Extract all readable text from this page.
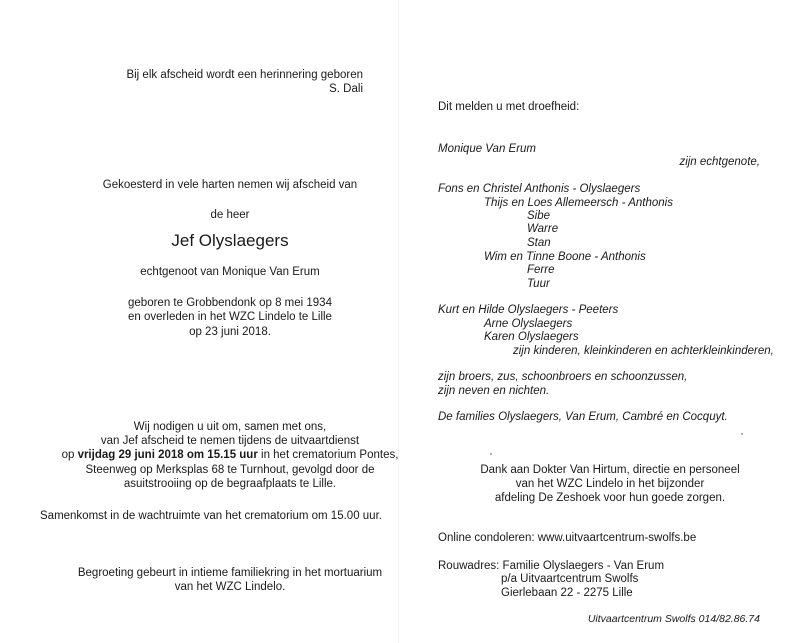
Bij elk afscheid wordt een herinnering geboren
S. Dali
Gekoesterd in vele harten nemen wij afscheid van
de heer
Jef Olyslaegers
echtgenoot van Monique Van Erum
geboren te Grobbendonk op 8 mei 1934
en overleden in het WZC Lindelo te Lille
op 23 juni 2018.
Wij nodigen u uit om, samen met ons,
van Jef afscheid te nemen tijdens de uitvaartdienst
op vrijdag 29 juni 2018 om 15.15 uur in het crematorium Pontes,
Steenweg op Merksplas 68 te Turnhout, gevolgd door de
asuitstrooiing op de begraafplaats te Lille.
Samenkomst in de wachtruimte van het crematorium om 15.00 uur.
Begroeting gebeurt in intieme familiekring in het mortuarium
van het WZC Lindelo.
Dit melden u met droefheid:
Monique Van Erum
zijn echtgenote,
Fons en Christel Anthonis - Olyslaegers
Thijs en Loes Allemeersch - Anthonis
Sibe
Warre
Stan
Wim en Tinne Boone - Anthonis
Ferre
Tuur
Kurt en Hilde Olyslaegers - Peeters
Arne Olyslaegers
Karen Olyslaegers
zijn kinderen, kleinkinderen en achterkleinkinderen,
zijn broers, zus, schoonbroers en schoonzussen,
zijn neven en nichten.
De families Olyslaegers, Van Erum, Cambré en Cocquyt.
Dank aan Dokter Van Hirtum, directie en personeel
van het WZC Lindelo in het bijzonder
afdeling De Zeshoek voor hun goede zorgen.
Online condoleren: www.uitvaartcentrum-swolfs.be
Rouwadres: Familie Olyslaegers - Van Erum
p/a Uitvaartcentrum Swolfs
Gierlebaan 22 - 2275 Lille
Uitvaartcentrum Swolfs 014/82.86.74
